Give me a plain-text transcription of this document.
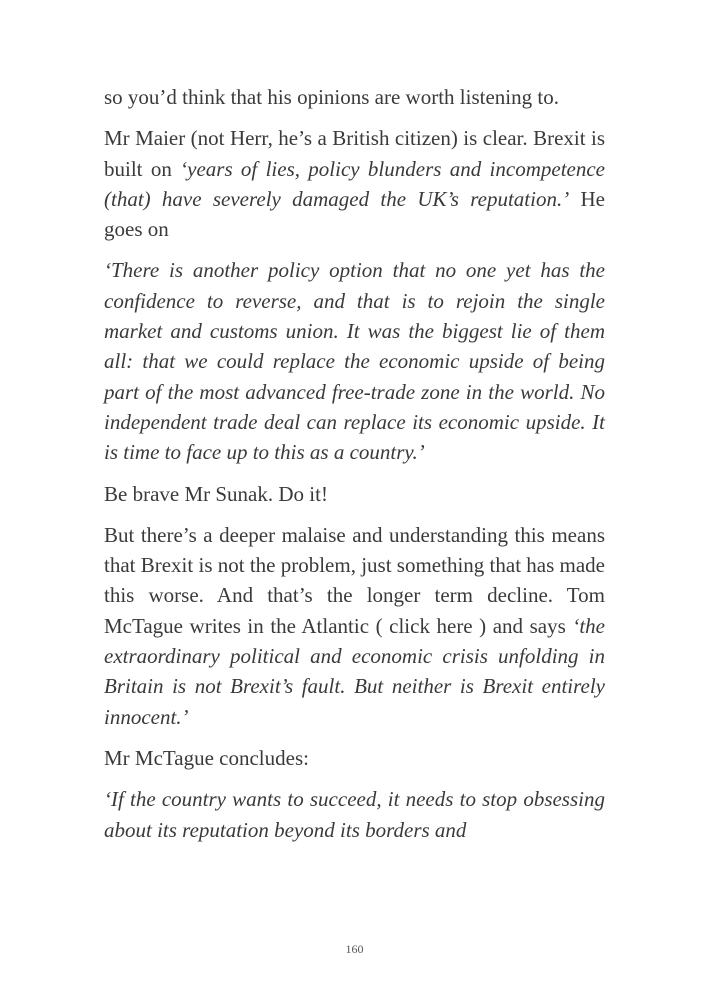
so you’d think that his opinions are worth listening to.

Mr Maier (not Herr, he’s a British citizen) is clear. Brexit is built on ‘years of lies, policy blunders and incompetence (that) have severely damaged the UK’s reputation.’ He goes on

‘There is another policy option that no one yet has the confidence to reverse, and that is to rejoin the single market and customs union. It was the biggest lie of them all: that we could replace the economic upside of being part of the most advanced free-trade zone in the world. No independent trade deal can replace its economic upside. It is time to face up to this as a country.’

Be brave Mr Sunak. Do it!

But there’s a deeper malaise and understanding this means that Brexit is not the problem, just something that has made this worse. And that’s the longer term decline. Tom McTague writes in the Atlantic ( click here ) and says ‘the extraordinary political and economic crisis unfolding in Britain is not Brexit’s fault. But neither is Brexit entirely innocent.’

Mr McTague concludes:

‘If the country wants to succeed, it needs to stop obsessing about its reputation beyond its borders and

160
